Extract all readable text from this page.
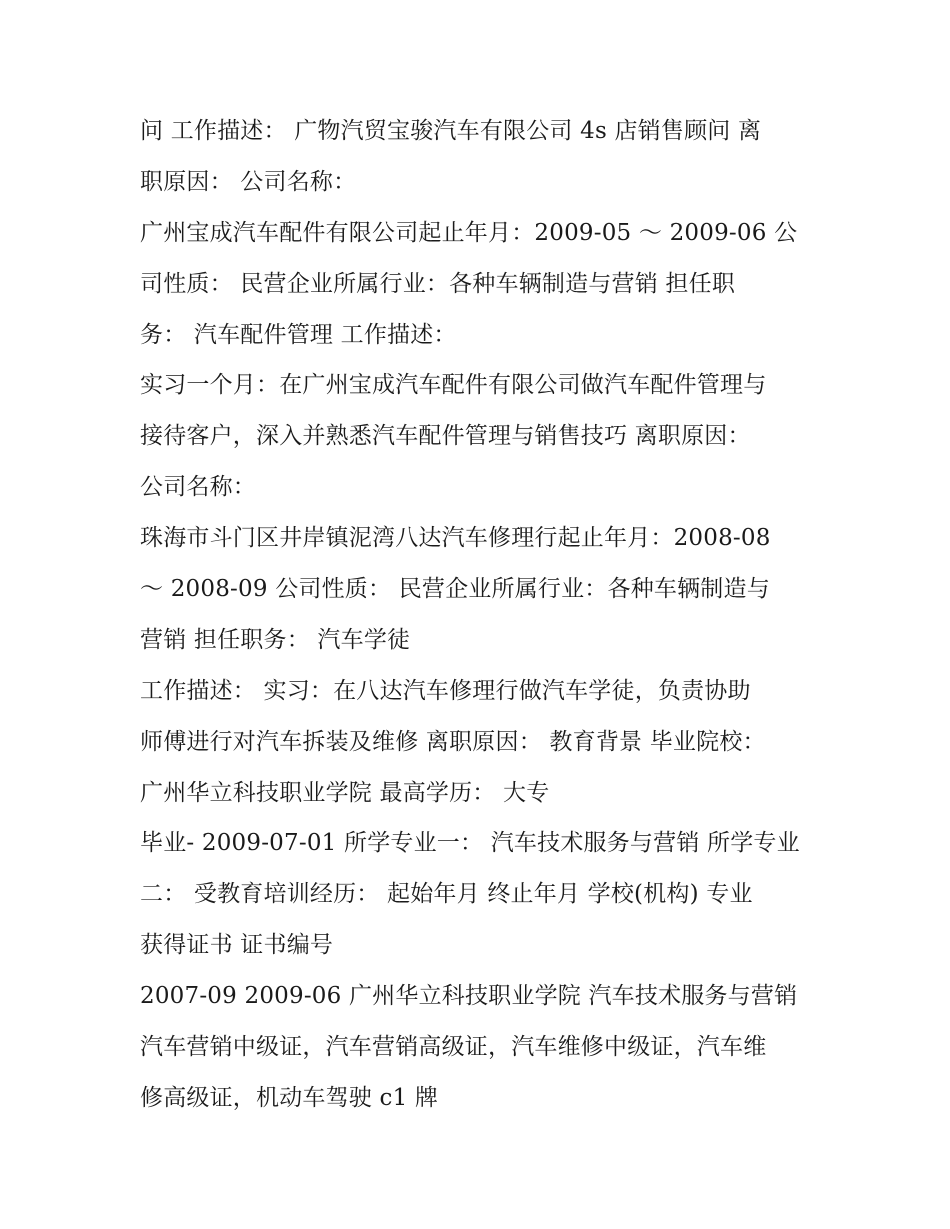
问 工作描述： 广物汽贸宝骏汽车有限公司 4s 店销售顾问 离
职原因： 公司名称：
广州宝成汽车配件有限公司起止年月：2009-05 ～ 2009-06 公
司性质： 民营企业所属行业：各种车辆制造与营销 担任职
务： 汽车配件管理 工作描述：
实习一个月：在广州宝成汽车配件有限公司做汽车配件管理与
接待客户，深入并熟悉汽车配件管理与销售技巧 离职原因：
公司名称：
珠海市斗门区井岸镇泥湾八达汽车修理行起止年月：2008-08
～ 2008-09 公司性质： 民营企业所属行业：各种车辆制造与
营销 担任职务： 汽车学徒
工作描述： 实习：在八达汽车修理行做汽车学徒，负责协助
师傅进行对汽车拆装及维修 离职原因： 教育背景 毕业院校：
广州华立科技职业学院 最高学历： 大专
毕业- 2009-07-01 所学专业一： 汽车技术服务与营销 所学专业
二： 受教育培训经历： 起始年月 终止年月 学校(机构) 专业
获得证书 证书编号
2007-09 2009-06 广州华立科技职业学院 汽车技术服务与营销
汽车营销中级证，汽车营销高级证，汽车维修中级证，汽车维
修高级证，机动车驾驶 c1 牌
